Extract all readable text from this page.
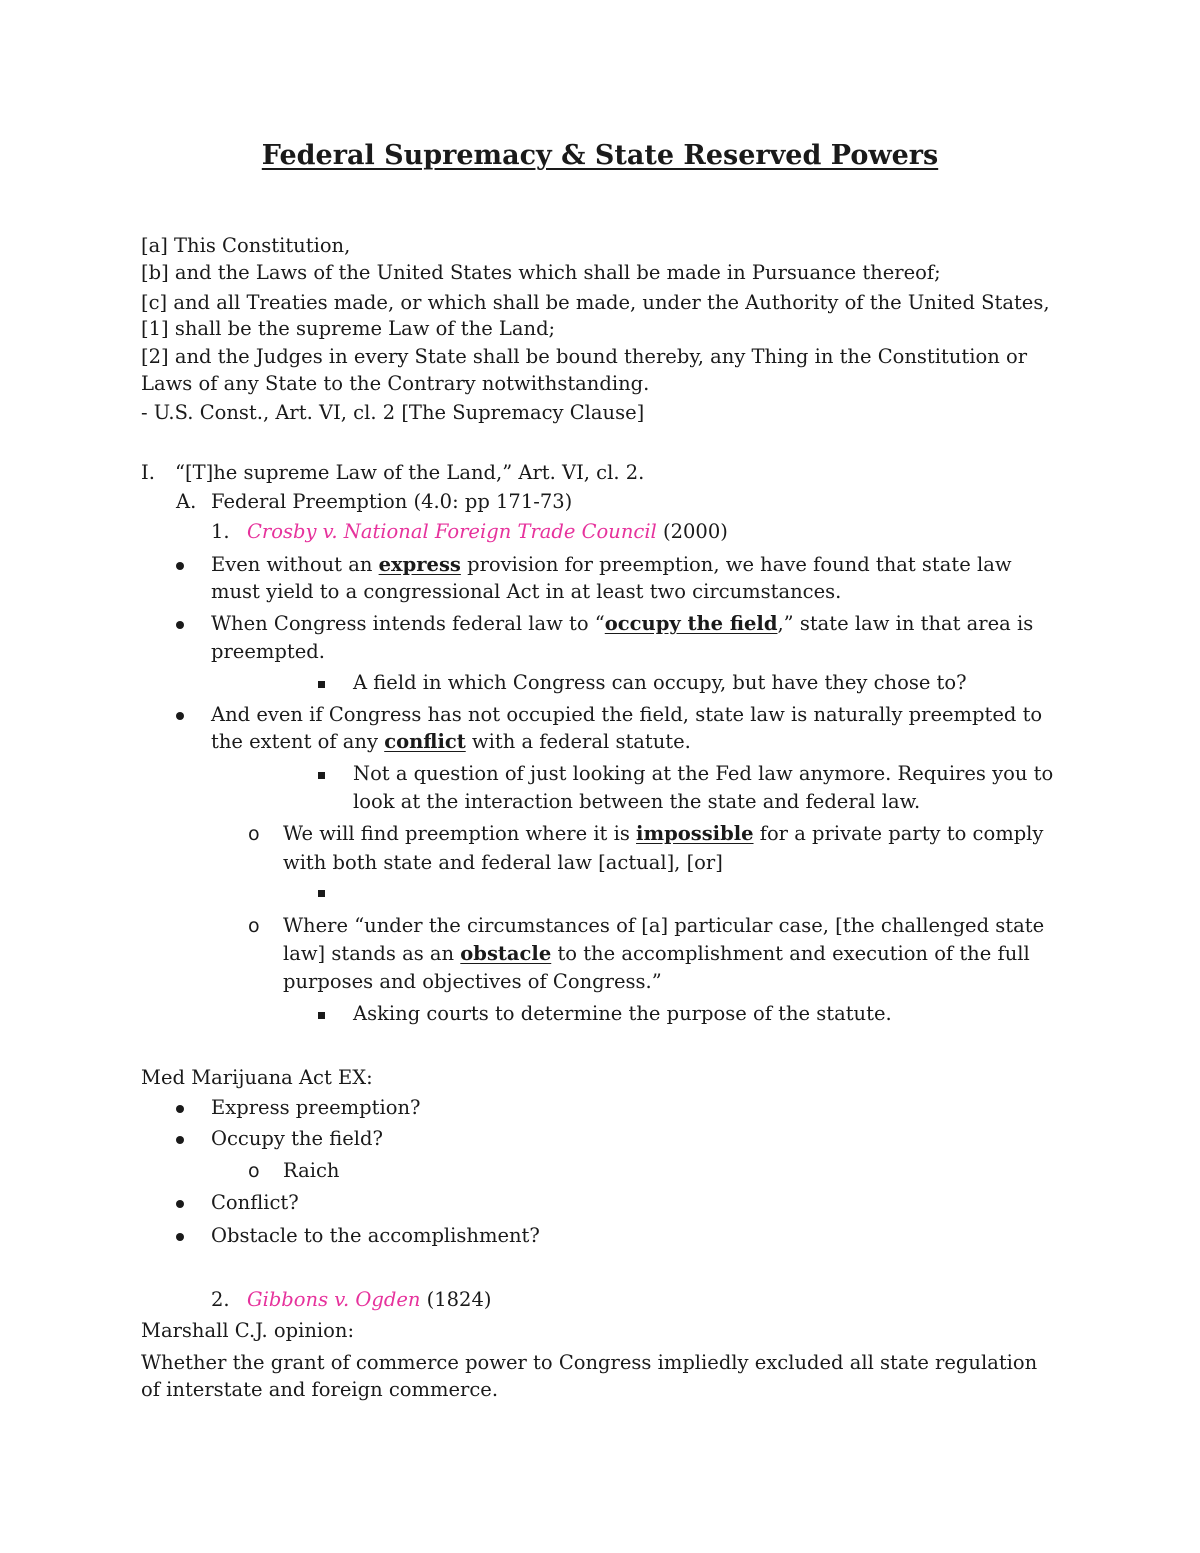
Federal Supremacy & State Reserved Powers
[a] This Constitution,
[b] and the Laws of the United States which shall be made in Pursuance thereof;
[c] and all Treaties made, or which shall be made, under the Authority of the United States,
[1] shall be the supreme Law of the Land;
[2] and the Judges in every State shall be bound thereby, any Thing in the Constitution or
Laws of any State to the Contrary notwithstanding.
- U.S. Const., Art. VI, cl. 2 [The Supremacy Clause]
I. “[T]he supreme Law of the Land,” Art. VI, cl. 2.
A. Federal Preemption (4.0: pp 171-73)
1. Crosby v. National Foreign Trade Council (2000)
Even without an express provision for preemption, we have found that state law
must yield to a congressional Act in at least two circumstances.
When Congress intends federal law to “occupy the field,” state law in that area is
preempted.
A field in which Congress can occupy, but have they chose to?
And even if Congress has not occupied the field, state law is naturally preempted to
the extent of any conflict with a federal statute.
Not a question of just looking at the Fed law anymore. Requires you to
look at the interaction between the state and federal law.
o We will find preemption where it is impossible for a private party to comply
with both state and federal law [actual], [or]
o Where “under the circumstances of [a] particular case, [the challenged state
law] stands as an obstacle to the accomplishment and execution of the full
purposes and objectives of Congress.”
Asking courts to determine the purpose of the statute.
Med Marijuana Act EX:
Express preemption?
Occupy the field?
o Raich
Conflict?
Obstacle to the accomplishment?
2. Gibbons v. Ogden (1824)
Marshall C.J. opinion:
Whether the grant of commerce power to Congress impliedly excluded all state regulation
of interstate and foreign commerce.
